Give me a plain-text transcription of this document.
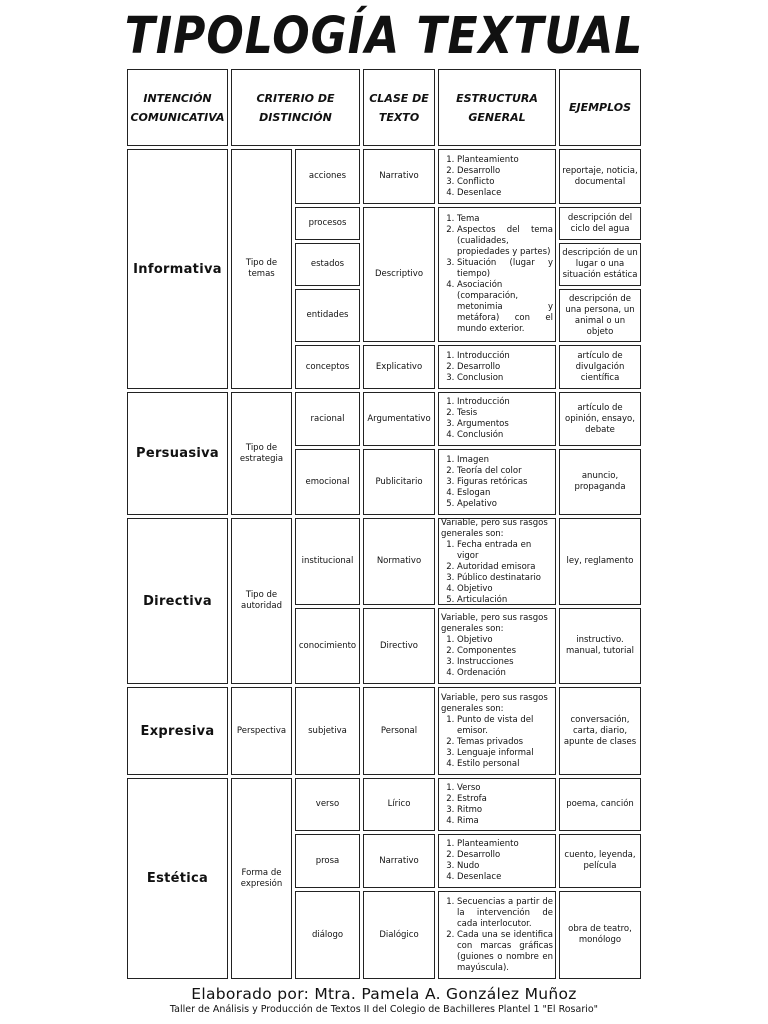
TIPOLOGÍA TEXTUAL
INTENCIÓN COMUNICATIVA
CRITERIO DE DISTINCIÓN
CLASE DE TEXTO
ESTRUCTURA GENERAL
EJEMPLOS
Informativa
Persuasiva
Directiva
Expresiva
Estética
Tipo de temas
Tipo de estrategia
Tipo de autoridad
Perspectiva
Forma de expresión
acciones
procesos
estados
entidades
conceptos
racional
emocional
institucional
conocimiento
subjetiva
verso
prosa
diálogo
Narrativo
Descriptivo
Explicativo
Argumentativo
Publicitario
Normativo
Directivo
Personal
Lírico
Narrativo
Dialógico
1. Planteamiento
2. Desarrollo
3. Conflicto
4. Desenlace
1. Tema
2. Aspectos del tema (cualidades, propiedades y partes)
3. Situación (lugar y tiempo)
4. Asociación (comparación, metonimia y metáfora) con el mundo exterior.
1. Introducción
2. Desarrollo
3. Conclusion
1. Introducción
2. Tesis
3. Argumentos
4. Conclusión
1. Imagen
2. Teoría del color
3. Figuras retóricas
4. Eslogan
5. Apelativo
Variable, pero sus rasgos generales son:
1. Fecha entrada en vigor
2. Autoridad emisora
3. Público destinatario
4. Objetivo
5. Articulación
Variable, pero sus rasgos generales son:
1. Objetivo
2. Componentes
3. Instrucciones
4. Ordenación
Variable, pero sus rasgos generales son:
1. Punto de vista del emisor.
2. Temas privados
3. Lenguaje informal
4. Estilo personal
1. Verso
2. Estrofa
3. Ritmo
4. Rima
1. Planteamiento
2. Desarrollo
3. Nudo
4. Desenlace
1. Secuencias a partir de la intervención de cada interlocutor.
2. Cada una se identifica con marcas gráficas (guiones o nombre en mayúscula).
reportaje, noticia, documental
descripción del ciclo del agua
descripción de un lugar o una situación estática
descripción de una persona, un animal o un objeto
artículo de divulgación científica
artículo de opinión, ensayo, debate
anuncio, propaganda
ley, reglamento
instructivo. manual, tutorial
conversación, carta, diario, apunte de clases
poema, canción
cuento, leyenda, película
obra de teatro, monólogo
Elaborado por: Mtra. Pamela A. González Muñoz
Taller de Análisis y Producción de Textos II del Colegio de Bachilleres Plantel 1 "El Rosario"
